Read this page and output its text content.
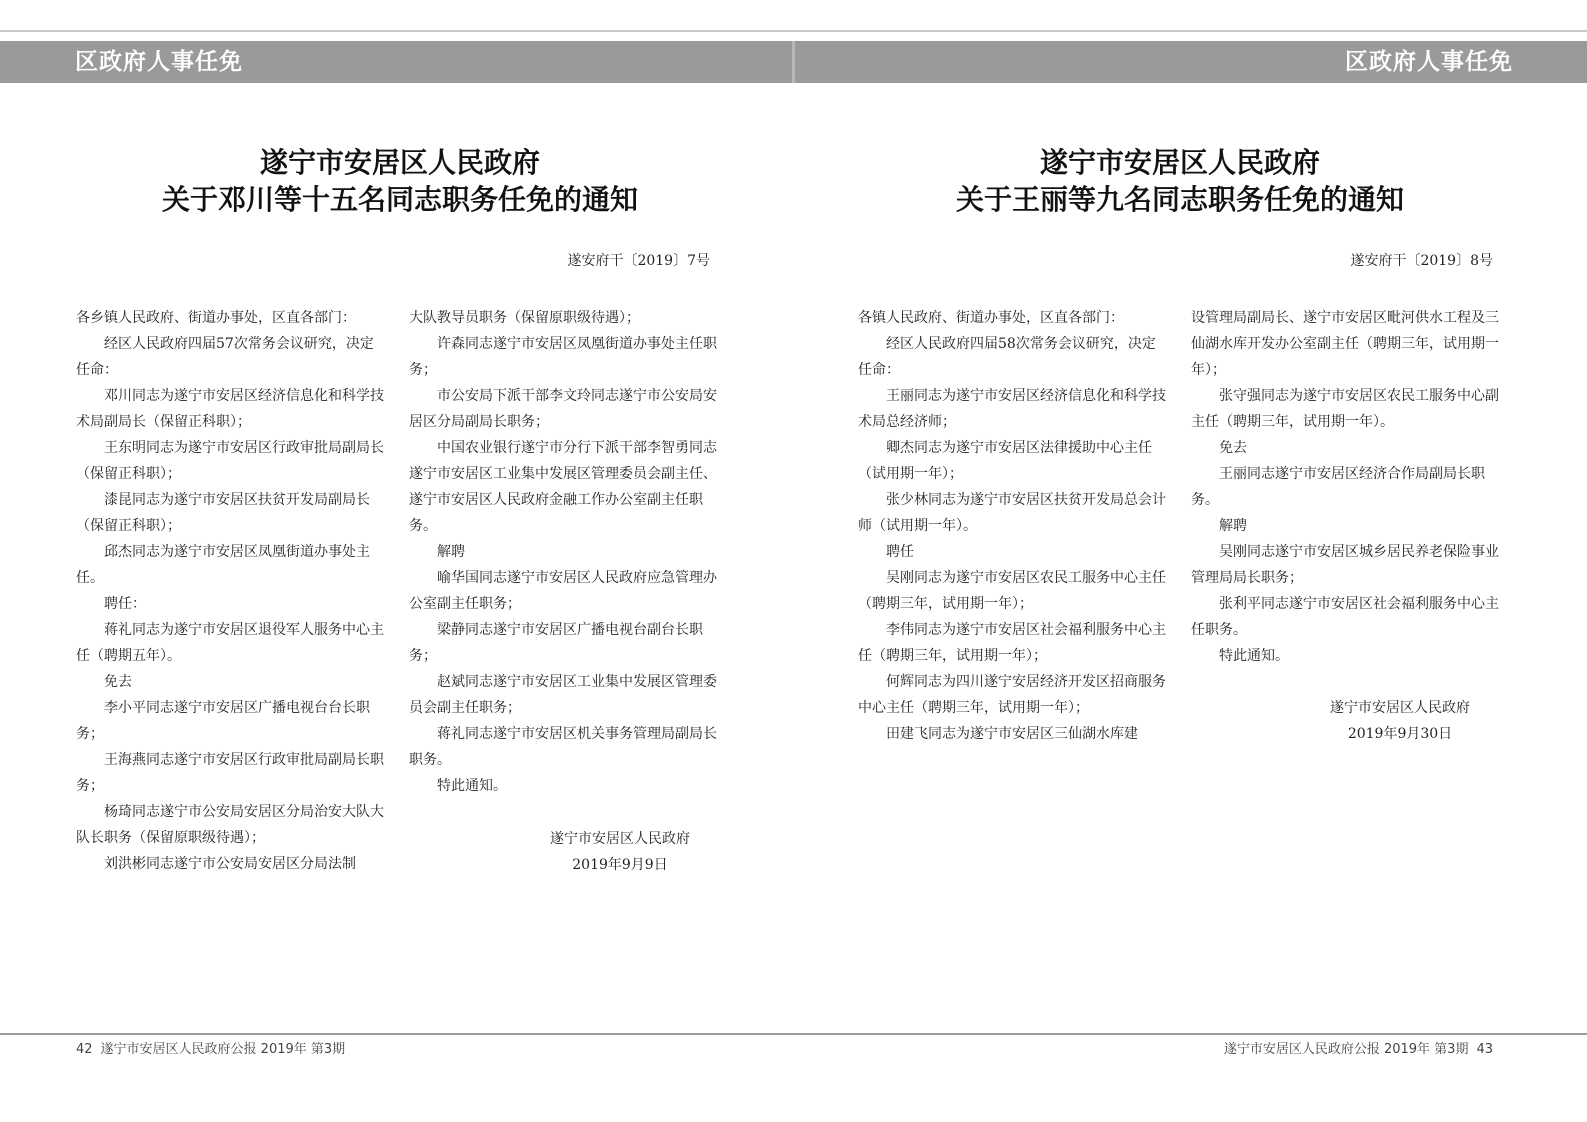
区政府人事任免	区政府人事任免
遂宁市安居区人民政府
关于邓川等十五名同志职务任免的通知
遂安府干〔2019〕7号

各乡镇人民政府、街道办事处，区直各部门：

经区人民政府四届57次常务会议研究，决定任命：

邓川同志为遂宁市安居区经济信息化和科学技术局副局长（保留正科职）；

王东明同志为遂宁市安居区行政审批局副局长（保留正科职）；

漆昆同志为遂宁市安居区扶贫开发局副局长（保留正科职）；

邱杰同志为遂宁市安居区凤凰街道办事处主任。

聘任：

蒋礼同志为遂宁市安居区退役军人服务中心主任（聘期五年）。

免去

李小平同志遂宁市安居区广播电视台台长职务；

王海燕同志遂宁市安居区行政审批局副局长职务；

杨琦同志遂宁市公安局安居区分局治安大队大队长职务（保留原职级待遇）；

刘洪彬同志遂宁市公安局安居区分局法制

大队教导员职务（保留原职级待遇）；

许森同志遂宁市安居区凤凰街道办事处主任职务；

市公安局下派干部李文玲同志遂宁市公安局安居区分局副局长职务；

中国农业银行遂宁市分行下派干部李智勇同志遂宁市安居区工业集中发展区管理委员会副主任、遂宁市安居区人民政府金融工作办公室副主任职务。

解聘

喻华国同志遂宁市安居区人民政府应急管理办公室副主任职务；

梁静同志遂宁市安居区广播电视台副台长职务；

赵斌同志遂宁市安居区工业集中发展区管理委员会副主任职务；

蒋礼同志遂宁市安居区机关事务管理局副局长职务。

特此通知。

遂宁市安居区人民政府
2019年9月9日
遂宁市安居区人民政府
关于王丽等九名同志职务任免的通知
遂安府干〔2019〕8号

各镇人民政府、街道办事处，区直各部门：

经区人民政府四届58次常务会议研究，决定任命：

王丽同志为遂宁市安居区经济信息化和科学技术局总经济师；

卿杰同志为遂宁市安居区法律援助中心主任（试用期一年）；

张少林同志为遂宁市安居区扶贫开发局总会计师（试用期一年）。

聘任

吴刚同志为遂宁市安居区农民工服务中心主任（聘期三年，试用期一年）；

李伟同志为遂宁市安居区社会福利服务中心主任（聘期三年，试用期一年）；

何辉同志为四川遂宁安居经济开发区招商服务中心主任（聘期三年，试用期一年）；

田建飞同志为遂宁市安居区三仙湖水库建

设管理局副局长、遂宁市安居区毗河供水工程及三仙湖水库开发办公室副主任（聘期三年，试用期一年）；

张守强同志为遂宁市安居区农民工服务中心副主任（聘期三年，试用期一年）。

免去

王丽同志遂宁市安居区经济合作局副局长职务。

解聘

吴刚同志遂宁市安居区城乡居民养老保险事业管理局局长职务；

张利平同志遂宁市安居区社会福利服务中心主任职务。

特此通知。

遂宁市安居区人民政府
2019年9月30日
42 遂宁市安居区人民政府公报 2019年 第3期	遂宁市安居区人民政府公报 2019年 第3期 43
